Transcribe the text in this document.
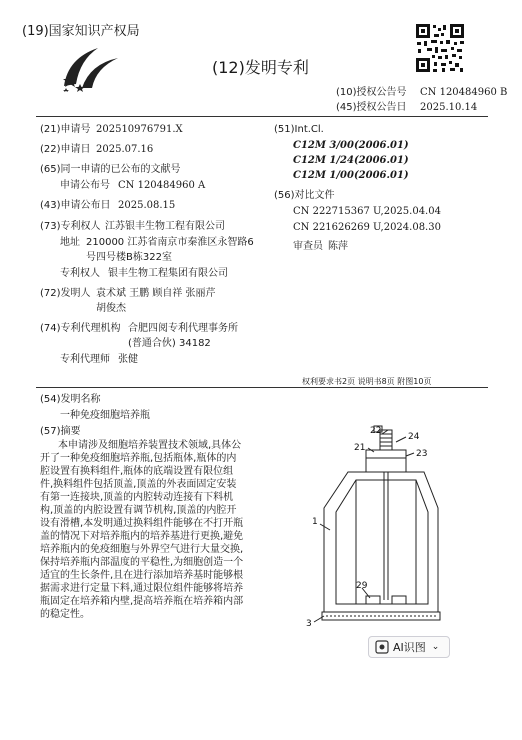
(19)国家知识产权局
(12)发明专利
(10)授权公告号 CN 120484960 B
(45)授权公告日 2025.10.14
(21)申请号 202510976791.X
(22)申请日 2025.07.16
(65)同一申请的已公布的文献号
申请公布号 CN 120484960 A
(43)申请公布日 2025.08.15
(73)专利权人 江苏银丰生物工程有限公司
地址 210000 江苏省南京市秦淮区永智路6
号四号楼B栋322室
专利权人 银丰生物工程集团有限公司
(72)发明人 袁术斌 王鹏 顾自祥 张丽芹
胡俊杰
(74)专利代理机构 合肥四阅专利代理事务所
(普通合伙) 34182
专利代理师 张健
(51)Int.Cl.
C12M 3/00(2006.01)
C12M 1/24(2006.01)
C12M 1/00(2006.01)
(56)对比文件
CN 222715367 U,2025.04.04
CN 221626269 U,2024.08.30
审查员 陈萍
权利要求书2页 说明书8页 附图10页
(54)发明名称
一种免疫细胞培养瓶
(57)摘要
本申请涉及细胞培养装置技术领域,具体公
开了一种免疫细胞培养瓶,包括瓶体,瓶体的内
腔设置有换料组件,瓶体的底端设置有限位组
件,换料组件包括顶盖,顶盖的外表面固定安装
有第一连接块,顶盖的内腔转动连接有下料机
构,顶盖的内腔设置有调节机构,顶盖的内腔开
设有滑槽,本发明通过换料组件能够在不打开瓶
盖的情况下对培养瓶内的培养基进行更换,避免
培养瓶内的免疫细胞与外界空气进行大量交换,
保持培养瓶内部温度的平稳性,为细胞创造一个
适宜的生长条件,且在进行添加培养基时能够根
据需求进行定量下料,通过限位组件能够将培养
瓶固定在培养箱内壁,提高培养瓶在培养箱内部
的稳定性。
22
24
21
23
1
29
3
AI识图 ⌄
